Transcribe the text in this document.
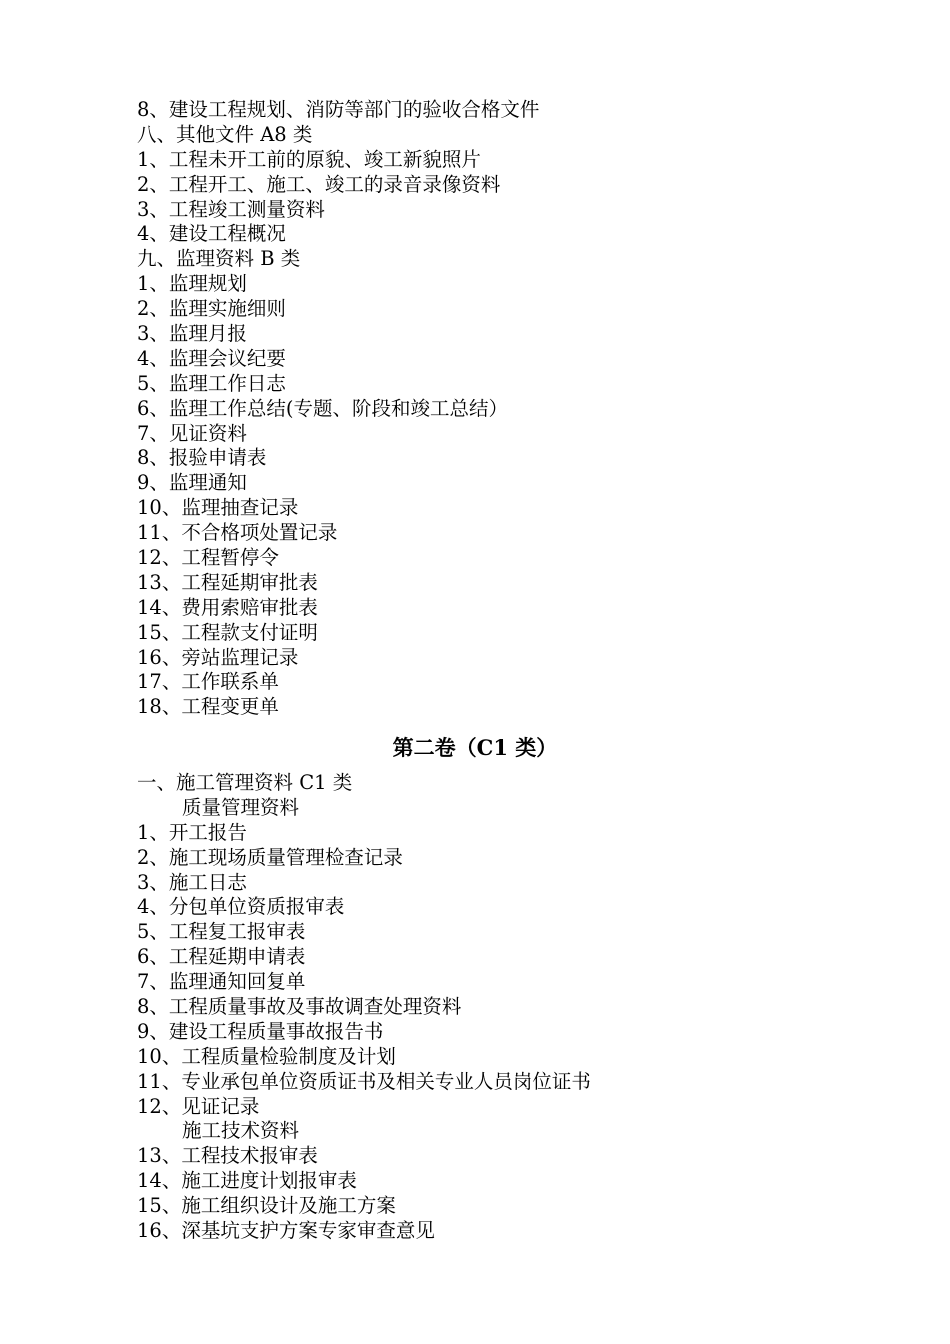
8、建设工程规划、消防等部门的验收合格文件
八、其他文件 A8 类
1、工程未开工前的原貌、竣工新貌照片
2、工程开工、施工、竣工的录音录像资料
3、工程竣工测量资料
4、建设工程概况
九、监理资料 B 类
1、监理规划
2、监理实施细则
3、监理月报
4、监理会议纪要
5、监理工作日志
6、监理工作总结(专题、阶段和竣工总结）
7、见证资料
8、报验申请表
9、监理通知
10、监理抽查记录
11、不合格项处置记录
12、工程暂停令
13、工程延期审批表
14、费用索赔审批表
15、工程款支付证明
16、旁站监理记录
17、工作联系单
18、工程变更单
第二卷（C1 类）
一、施工管理资料 C1 类
质量管理资料
1、开工报告
2、施工现场质量管理检查记录
3、施工日志
4、分包单位资质报审表
5、工程复工报审表
6、工程延期申请表
7、监理通知回复单
8、工程质量事故及事故调查处理资料
9、建设工程质量事故报告书
10、工程质量检验制度及计划
11、专业承包单位资质证书及相关专业人员岗位证书
12、见证记录
施工技术资料
13、工程技术报审表
14、施工进度计划报审表
15、施工组织设计及施工方案
16、深基坑支护方案专家审查意见
